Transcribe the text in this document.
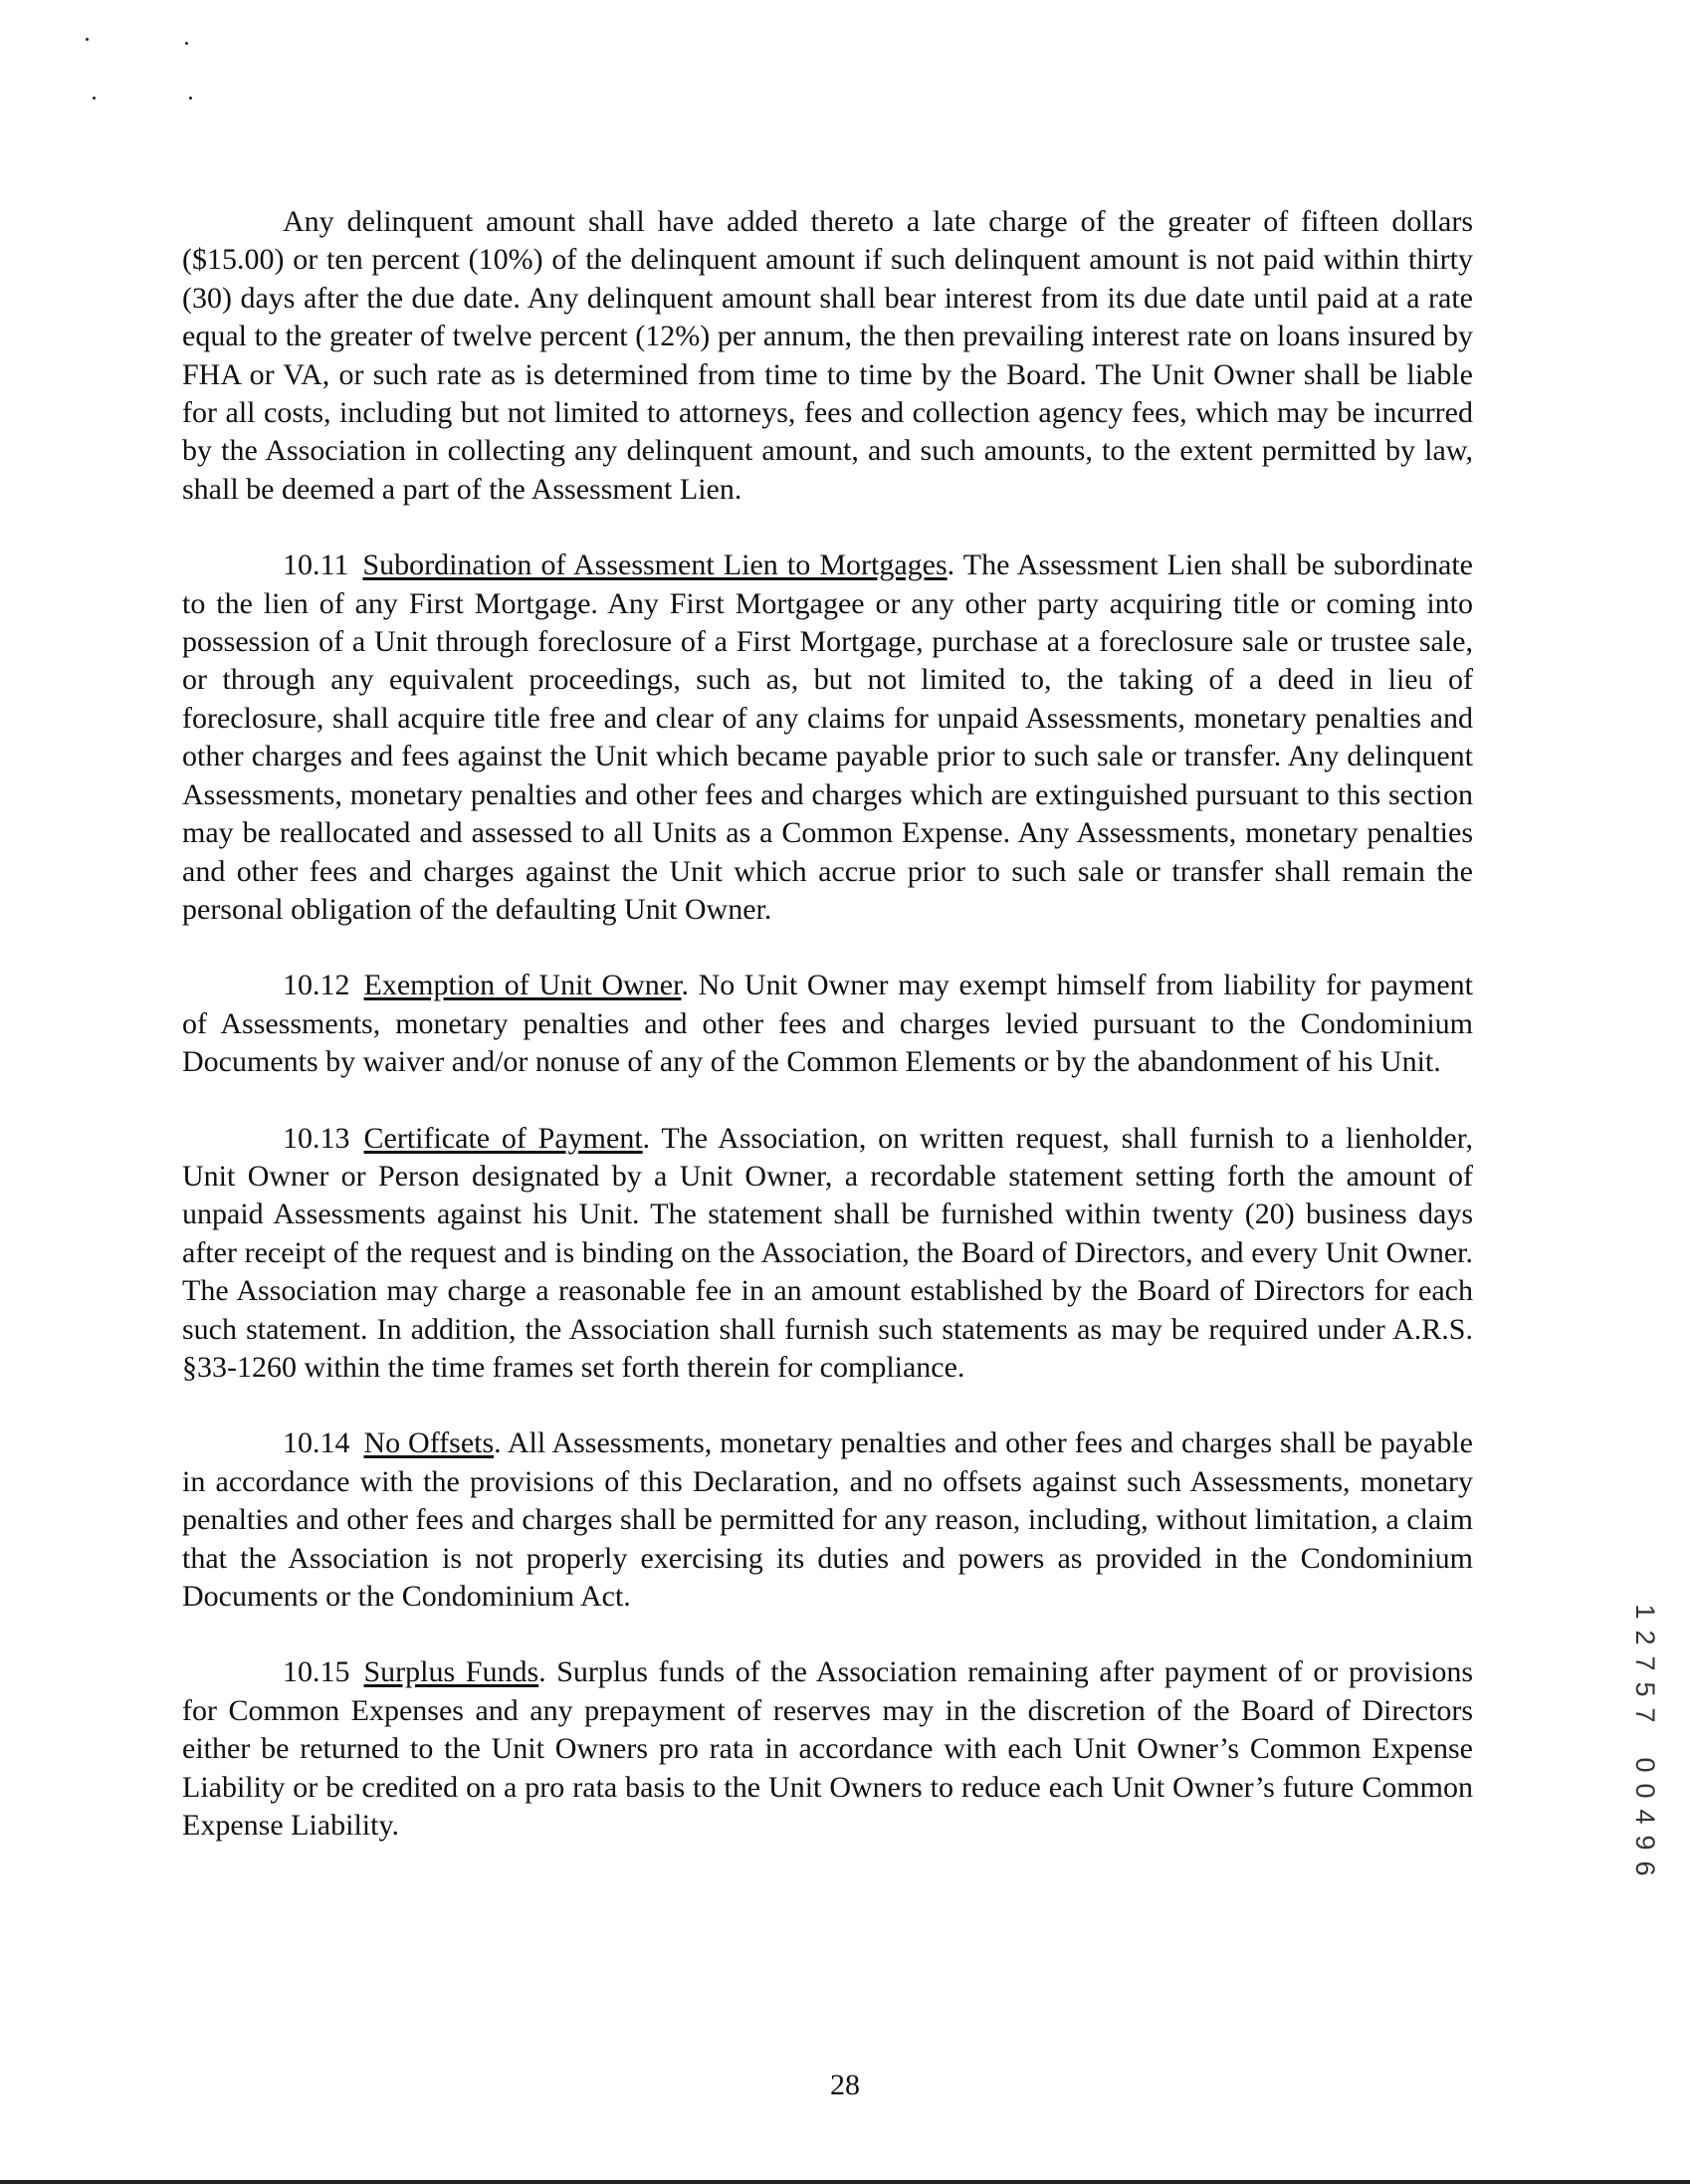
Any delinquent amount shall have added thereto a late charge of the greater of fifteen dollars ($15.00) or ten percent (10%) of the delinquent amount if such delinquent amount is not paid within thirty (30) days after the due date. Any delinquent amount shall bear interest from its due date until paid at a rate equal to the greater of twelve percent (12%) per annum, the then prevailing interest rate on loans insured by FHA or VA, or such rate as is determined from time to time by the Board. The Unit Owner shall be liable for all costs, including but not limited to attorneys, fees and collection agency fees, which may be incurred by the Association in collecting any delinquent amount, and such amounts, to the extent permitted by law, shall be deemed a part of the Assessment Lien.

10.11 Subordination of Assessment Lien to Mortgages. The Assessment Lien shall be subordinate to the lien of any First Mortgage. Any First Mortgagee or any other party acquiring title or coming into possession of a Unit through foreclosure of a First Mortgage, purchase at a foreclosure sale or trustee sale, or through any equivalent proceedings, such as, but not limited to, the taking of a deed in lieu of foreclosure, shall acquire title free and clear of any claims for unpaid Assessments, monetary penalties and other charges and fees against the Unit which became payable prior to such sale or transfer. Any delinquent Assessments, monetary penalties and other fees and charges which are extinguished pursuant to this section may be reallocated and assessed to all Units as a Common Expense. Any Assessments, monetary penalties and other fees and charges against the Unit which accrue prior to such sale or transfer shall remain the personal obligation of the defaulting Unit Owner.

10.12 Exemption of Unit Owner. No Unit Owner may exempt himself from liability for payment of Assessments, monetary penalties and other fees and charges levied pursuant to the Condominium Documents by waiver and/or nonuse of any of the Common Elements or by the abandonment of his Unit.

10.13 Certificate of Payment. The Association, on written request, shall furnish to a lienholder, Unit Owner or Person designated by a Unit Owner, a recordable statement setting forth the amount of unpaid Assessments against his Unit. The statement shall be furnished within twenty (20) business days after receipt of the request and is binding on the Association, the Board of Directors, and every Unit Owner. The Association may charge a reasonable fee in an amount established by the Board of Directors for each such statement. In addition, the Association shall furnish such statements as may be required under A.R.S. §33-1260 within the time frames set forth therein for compliance.

10.14 No Offsets. All Assessments, monetary penalties and other fees and charges shall be payable in accordance with the provisions of this Declaration, and no offsets against such Assessments, monetary penalties and other fees and charges shall be permitted for any reason, including, without limitation, a claim that the Association is not properly exercising its duties and powers as provided in the Condominium Documents or the Condominium Act.

10.15 Surplus Funds. Surplus funds of the Association remaining after payment of or provisions for Common Expenses and any prepayment of reserves may in the discretion of the Board of Directors either be returned to the Unit Owners pro rata in accordance with each Unit Owner’s Common Expense Liability or be credited on a pro rata basis to the Unit Owners to reduce each Unit Owner’s future Common Expense Liability.

1
2
7
5
7
0
0
4
9
6
28
